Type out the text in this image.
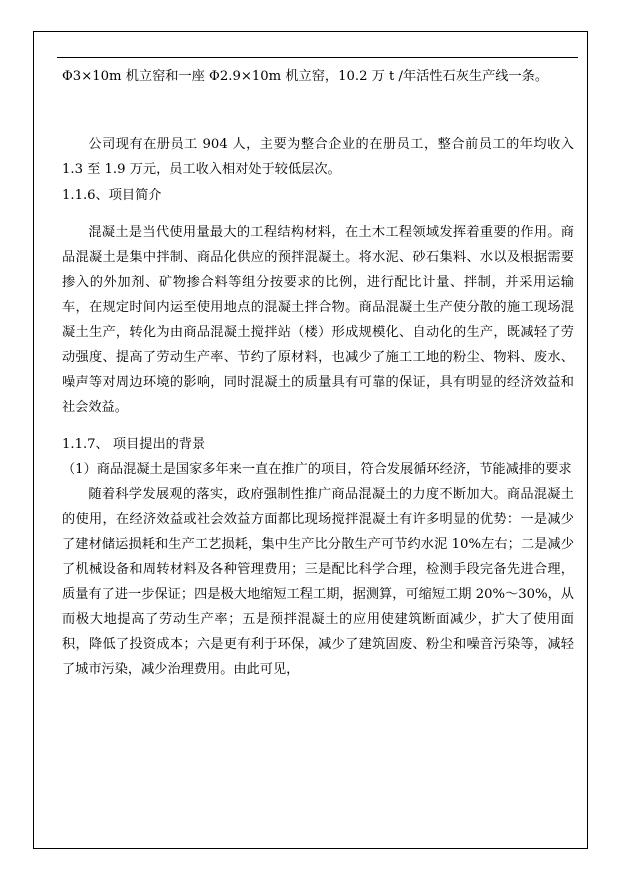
Φ3×10m 机立窑和一座 Φ2.9×10m 机立窑，10.2 万 t /年活性石灰生产线一条。

公司现有在册员工 904 人，主要为整合企业的在册员工，整合前员工的年均收入 1.3 至 1.9 万元，员工收入相对处于较低层次。

1.1.6、项目简介

混凝土是当代使用量最大的工程结构材料，在土木工程领域发挥着重要的作用。商品混凝土是集中拌制、商品化供应的预拌混凝土。将水泥、砂石集料、水以及根据需要掺入的外加剂、矿物掺合料等组分按要求的比例，进行配比计量、拌制，并采用运输车，在规定时间内运至使用地点的混凝土拌合物。商品混凝土生产使分散的施工现场混凝土生产，转化为由商品混凝土搅拌站（楼）形成规模化、自动化的生产，既减轻了劳动强度、提高了劳动生产率、节约了原材料，也减少了施工工地的粉尘、物料、废水、噪声等对周边环境的影响，同时混凝土的质量具有可靠的保证，具有明显的经济效益和社会效益。

1.1.7、 项目提出的背景

（1）商品混凝土是国家多年来一直在推广的项目，符合发展循环经济，节能减排的要求

随着科学发展观的落实，政府强制性推广商品混凝土的力度不断加大。商品混凝土的使用，在经济效益或社会效益方面都比现场搅拌混凝土有许多明显的优势：一是减少了建材储运损耗和生产工艺损耗，集中生产比分散生产可节约水泥 10%左右；二是减少了机械设备和周转材料及各种管理费用；三是配比科学合理，检测手段完备先进合理，质量有了进一步保证；四是极大地缩短工程工期，据测算，可缩短工期 20%～30%，从而极大地提高了劳动生产率；五是预拌混凝土的应用使建筑断面减少，扩大了使用面积，降低了投资成本；六是更有利于环保，减少了建筑固废、粉尘和噪音污染等，减轻了城市污染，减少治理费用。由此可见，
